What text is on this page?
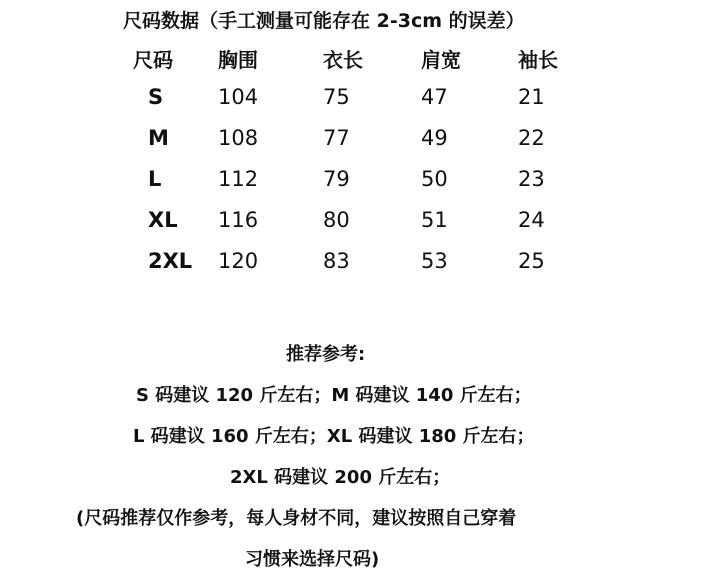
尺码数据（手工测量可能存在 2-3cm 的误差）
尺码	胸围	衣长	肩宽	袖长
S	104	75	47	21
M	108	77	49	22
L	112	79	50	23
XL	116	80	51	24
2XL	120	83	53	25
推荐参考:
S 码建议 120 斤左右；M 码建议 140 斤左右；
L 码建议 160 斤左右；XL 码建议 180 斤左右；
2XL 码建议 200 斤左右；
(尺码推荐仅作参考，每人身材不同，建议按照自己穿着
习惯来选择尺码)
